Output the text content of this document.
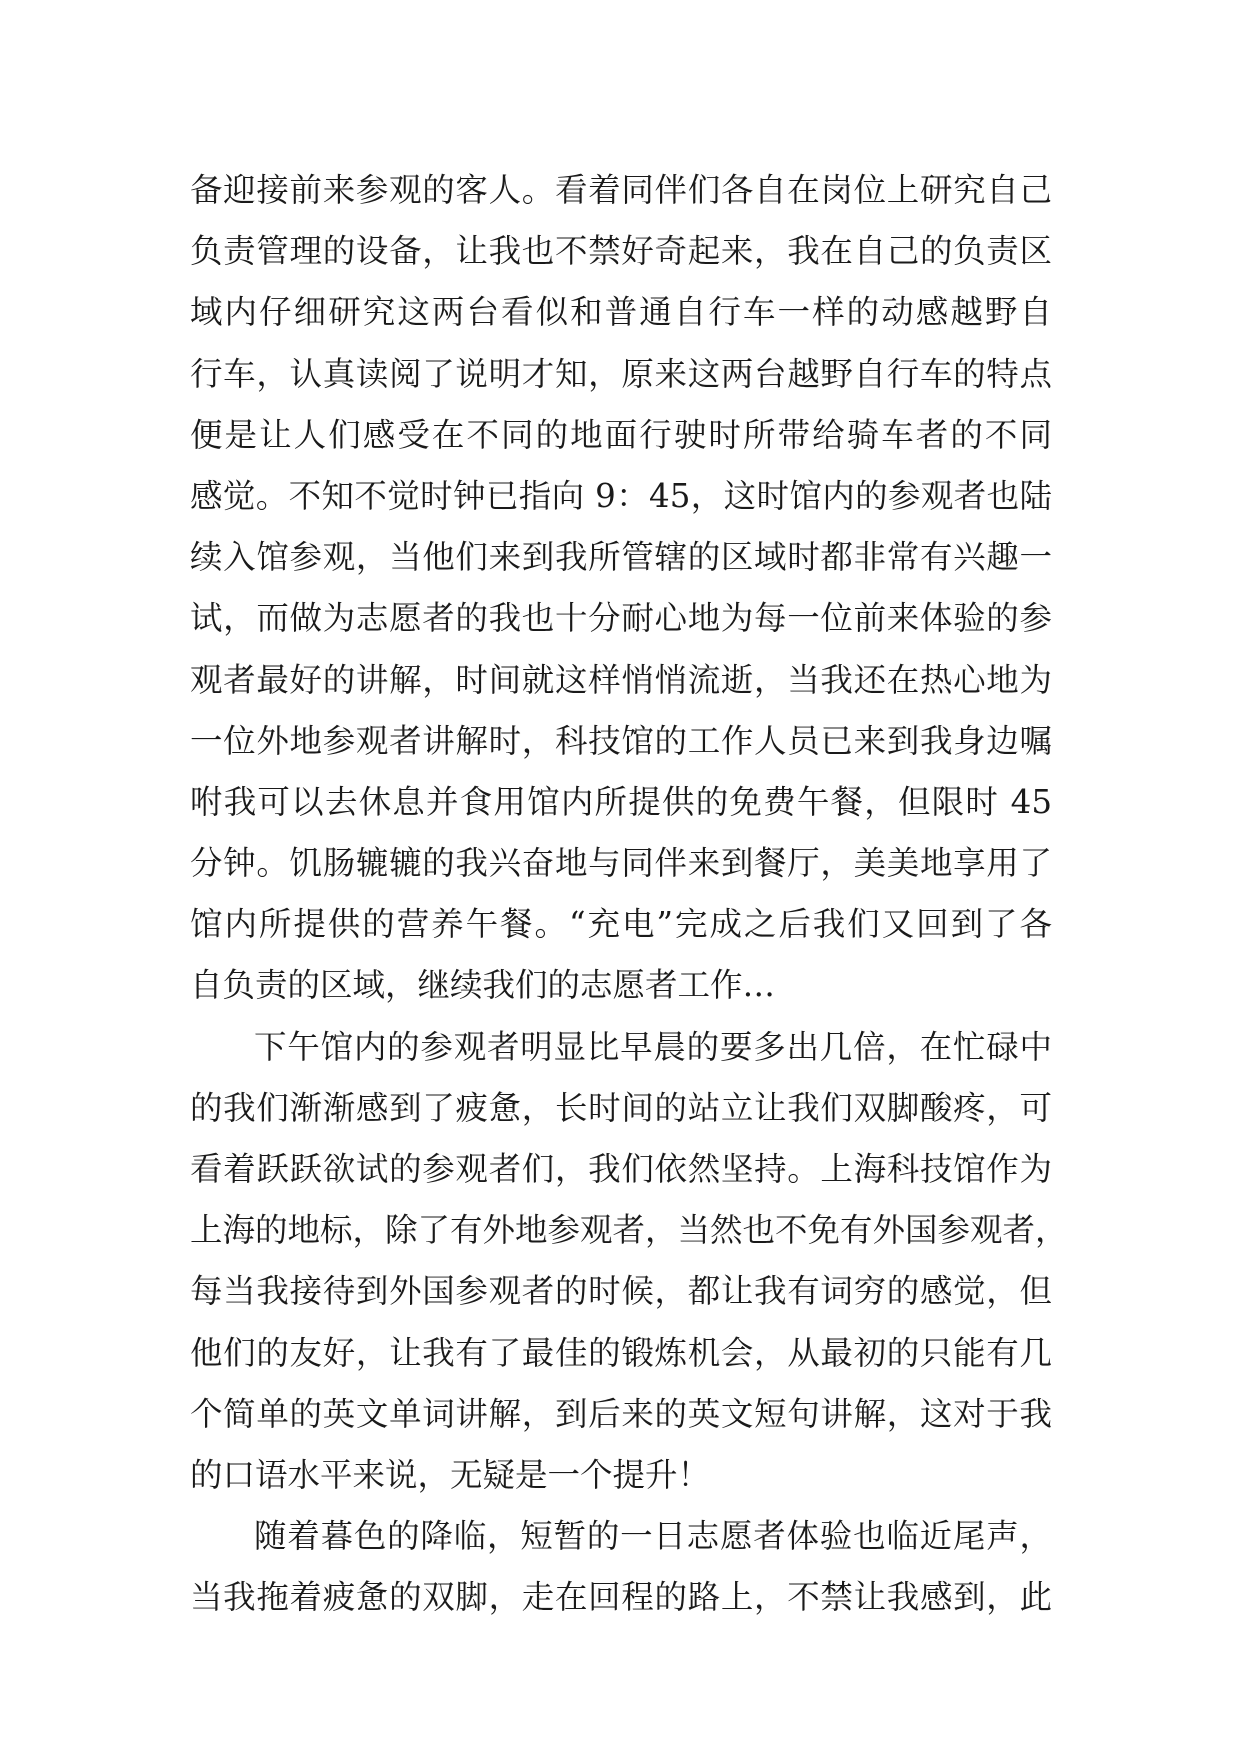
备迎接前来参观的客人。看着同伴们各自在岗位上研究自己
负责管理的设备，让我也不禁好奇起来，我在自己的负责区
域内仔细研究这两台看似和普通自行车一样的动感越野自
行车，认真读阅了说明才知，原来这两台越野自行车的特点
便是让人们感受在不同的地面行驶时所带给骑车者的不同
感觉。不知不觉时钟已指向 9：45，这时馆内的参观者也陆
续入馆参观，当他们来到我所管辖的区域时都非常有兴趣一
试，而做为志愿者的我也十分耐心地为每一位前来体验的参
观者最好的讲解，时间就这样悄悄流逝，当我还在热心地为
一位外地参观者讲解时，科技馆的工作人员已来到我身边嘱
咐我可以去休息并食用馆内所提供的免费午餐，但限时 45
分钟。饥肠辘辘的我兴奋地与同伴来到餐厅，美美地享用了
馆内所提供的营养午餐。“充电”完成之后我们又回到了各
自负责的区域，继续我们的志愿者工作…
下午馆内的参观者明显比早晨的要多出几倍，在忙碌中
的我们渐渐感到了疲惫，长时间的站立让我们双脚酸疼，可
看着跃跃欲试的参观者们，我们依然坚持。上海科技馆作为
上海的地标，除了有外地参观者，当然也不免有外国参观者，
每当我接待到外国参观者的时候，都让我有词穷的感觉，但
他们的友好，让我有了最佳的锻炼机会，从最初的只能有几
个简单的英文单词讲解，到后来的英文短句讲解，这对于我
的口语水平来说，无疑是一个提升！
随着暮色的降临，短暂的一日志愿者体验也临近尾声，
当我拖着疲惫的双脚，走在回程的路上，不禁让我感到，此
